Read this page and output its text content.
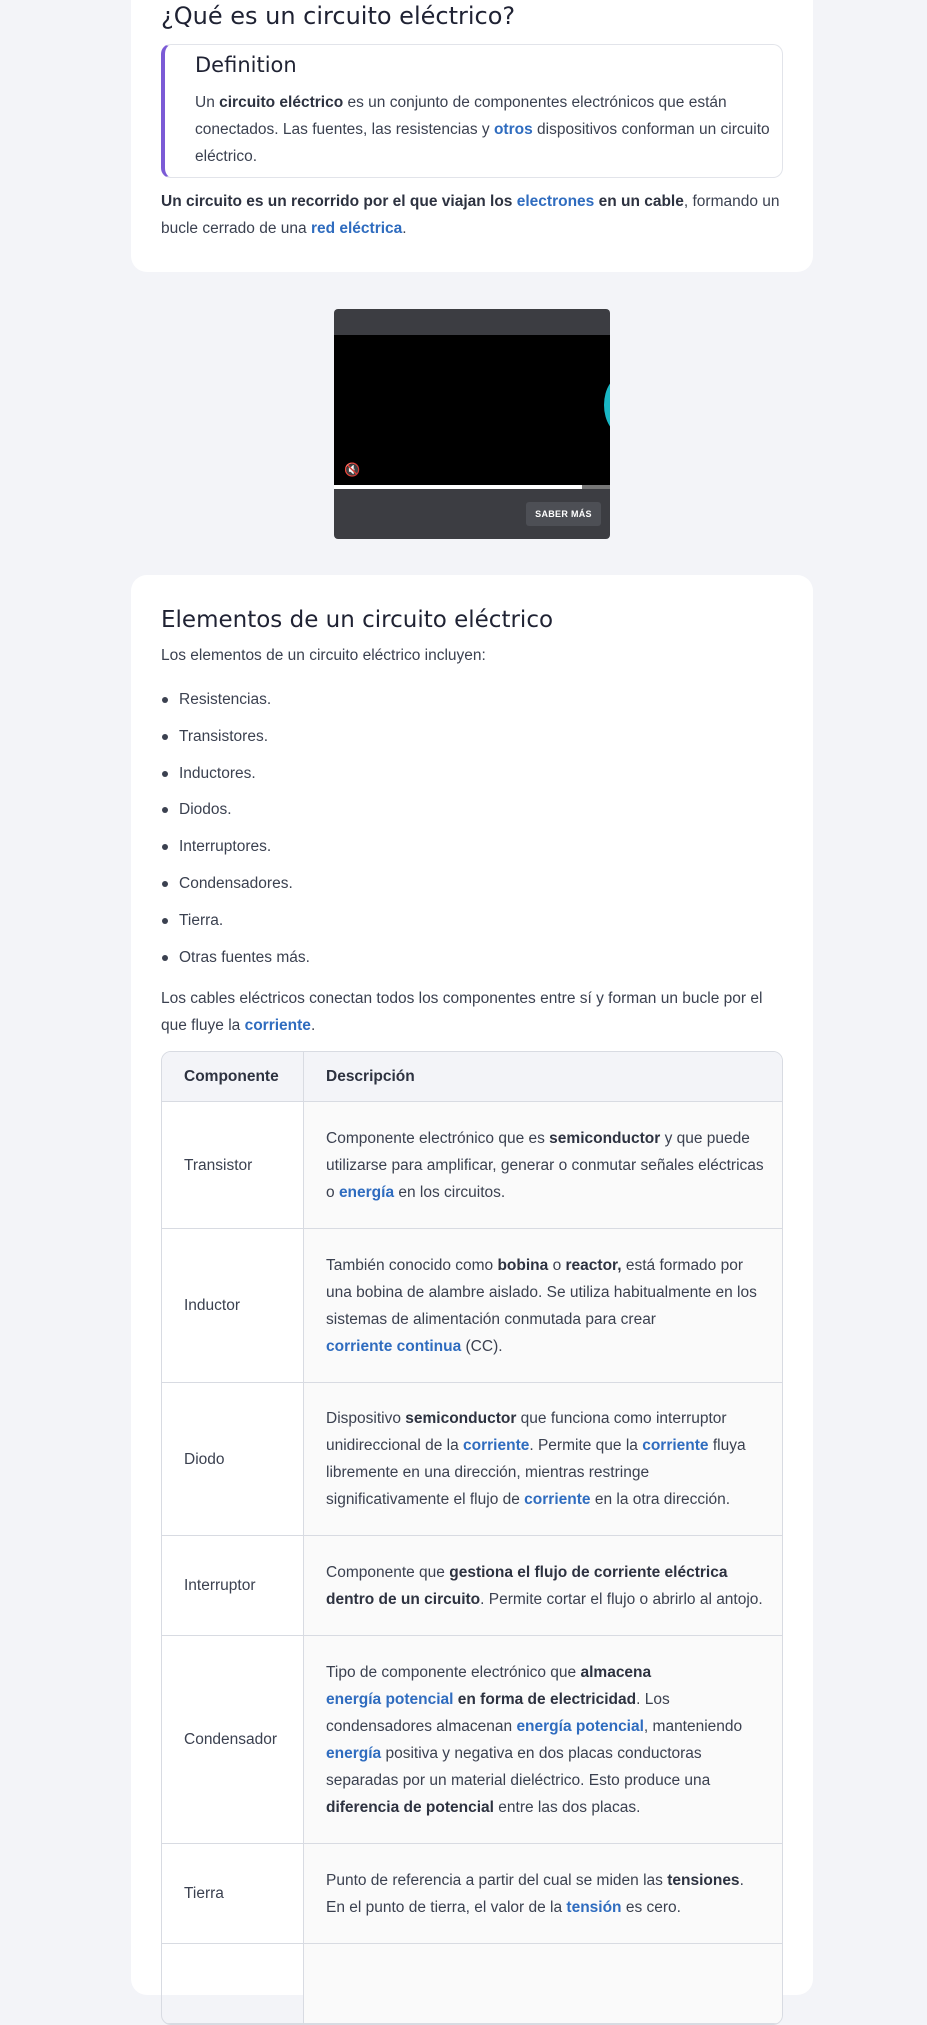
¿Qué es un circuito eléctrico?
Definition
Un circuito eléctrico es un conjunto de componentes electrónicos que están conectados. Las fuentes, las resistencias y otros dispositivos conforman un circuito eléctrico.
Un circuito es un recorrido por el que viajan los electrones en un cable, formando un bucle cerrado de una red eléctrica.
🔇
SABER MÁS
Elementos de un circuito eléctrico
Los elementos de un circuito eléctrico incluyen:
Resistencias.
Transistores.
Inductores.
Diodos.
Interruptores.
Condensadores.
Tierra.
Otras fuentes más.
Los cables eléctricos conectan todos los componentes entre sí y forman un bucle por el que fluye la corriente.
Componente	Descripción
Transistor	Componente electrónico que es semiconductor y que puede utilizarse para amplificar, generar o conmutar señales eléctricas o energía en los circuitos.
Inductor	También conocido como bobina o reactor, está formado por una bobina de alambre aislado. Se utiliza habitualmente en los sistemas de alimentación conmutada para crear
corriente continua (CC).
Diodo	Dispositivo semiconductor que funciona como interruptor unidireccional de la corriente. Permite que la corriente fluya libremente en una dirección, mientras restringe significativamente el flujo de corriente en la otra dirección.
Interruptor	Componente que gestiona el flujo de corriente eléctrica dentro de un circuito. Permite cortar el flujo o abrirlo al antojo.
Condensador	Tipo de componente electrónico que almacena
energía potencial en forma de electricidad. Los condensadores almacenan energía potencial, manteniendo energía positiva y negativa en dos placas conductoras separadas por un material dieléctrico. Esto produce una diferencia de potencial entre las dos placas.
Tierra	Punto de referencia a partir del cual se miden las tensiones. En el punto de tierra, el valor de la tensión es cero.
